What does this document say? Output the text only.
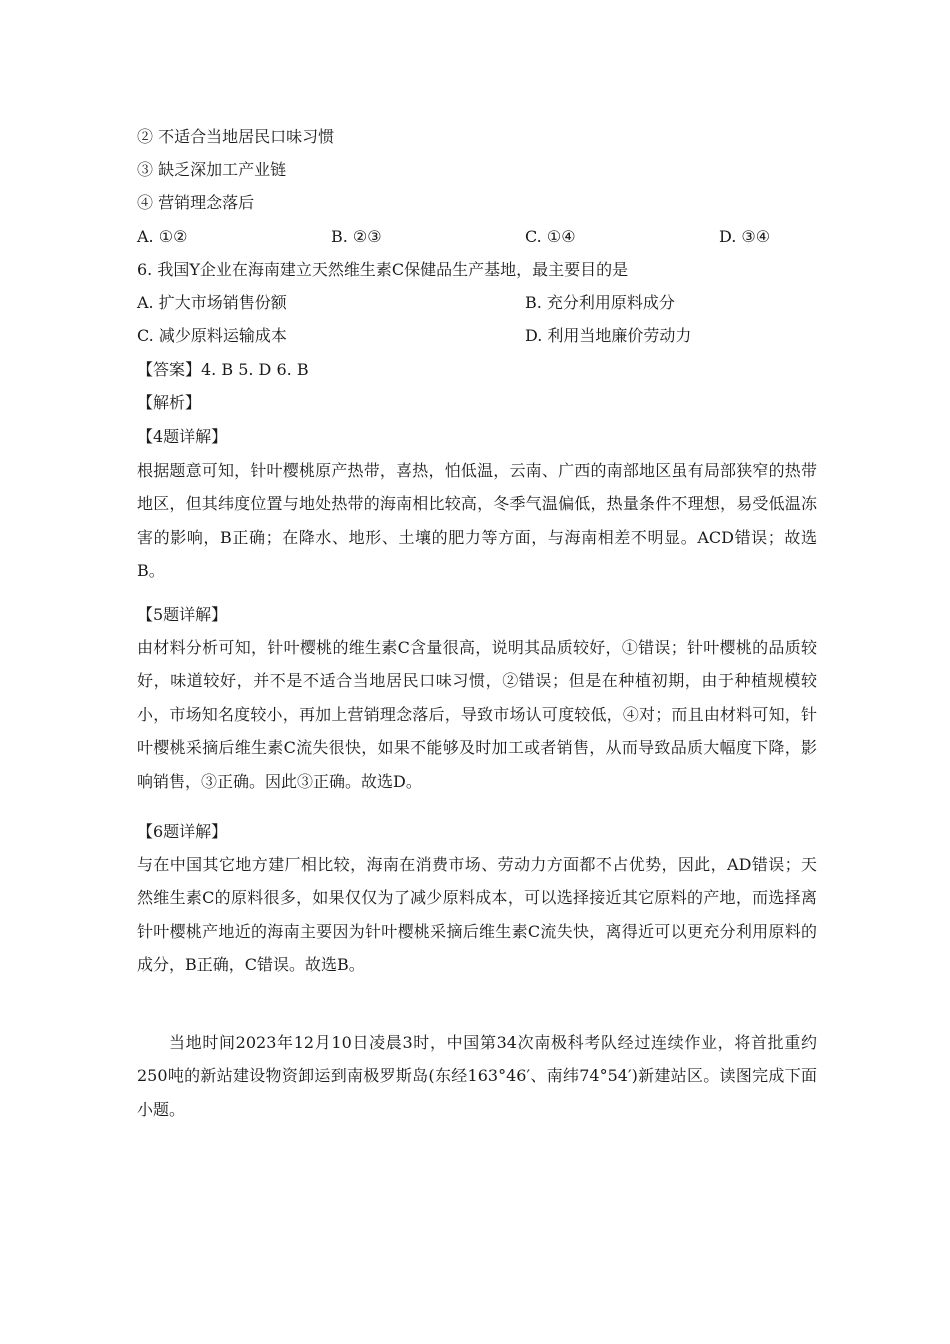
② 不适合当地居民口味习惯
③ 缺乏深加工产业链
④ 营销理念落后
A. ①②	B. ②③	C. ①④	D. ③④
6. 我国Y企业在海南建立天然维生素C保健品生产基地，最主要目的是
A. 扩大市场销售份额	B. 充分利用原料成分
C. 减少原料运输成本	D. 利用当地廉价劳动力
【答案】4. B 5. D 6. B
【解析】
【4题详解】
根据题意可知，针叶樱桃原产热带，喜热，怕低温，云南、广西的南部地区虽有局部狭窄的热带地区，但其纬度位置与地处热带的海南相比较高，冬季气温偏低，热量条件不理想，易受低温冻害的影响，B正确；在降水、地形、土壤的肥力等方面，与海南相差不明显。ACD错误；故选B。
【5题详解】
由材料分析可知，针叶樱桃的维生素C含量很高，说明其品质较好，①错误；针叶樱桃的品质较好，味道较好，并不是不适合当地居民口味习惯，②错误；但是在种植初期，由于种植规模较小，市场知名度较小，再加上营销理念落后，导致市场认可度较低，④对；而且由材料可知，针叶樱桃采摘后维生素C流失很快，如果不能够及时加工或者销售，从而导致品质大幅度下降，影响销售，③正确。因此③正确。故选D。
【6题详解】
与在中国其它地方建厂相比较，海南在消费市场、劳动力方面都不占优势，因此，AD错误；天然维生素C的原料很多，如果仅仅为了减少原料成本，可以选择接近其它原料的产地，而选择离针叶樱桃产地近的海南主要因为针叶樱桃采摘后维生素C流失快，离得近可以更充分利用原料的成分，B正确，C错误。故选B。
当地时间2023年12月10日凌晨3时，中国第34次南极科考队经过连续作业，将首批重约250吨的新站建设物资卸运到南极罗斯岛(东经163°46′、南纬74°54′)新建站区。读图完成下面小题。
